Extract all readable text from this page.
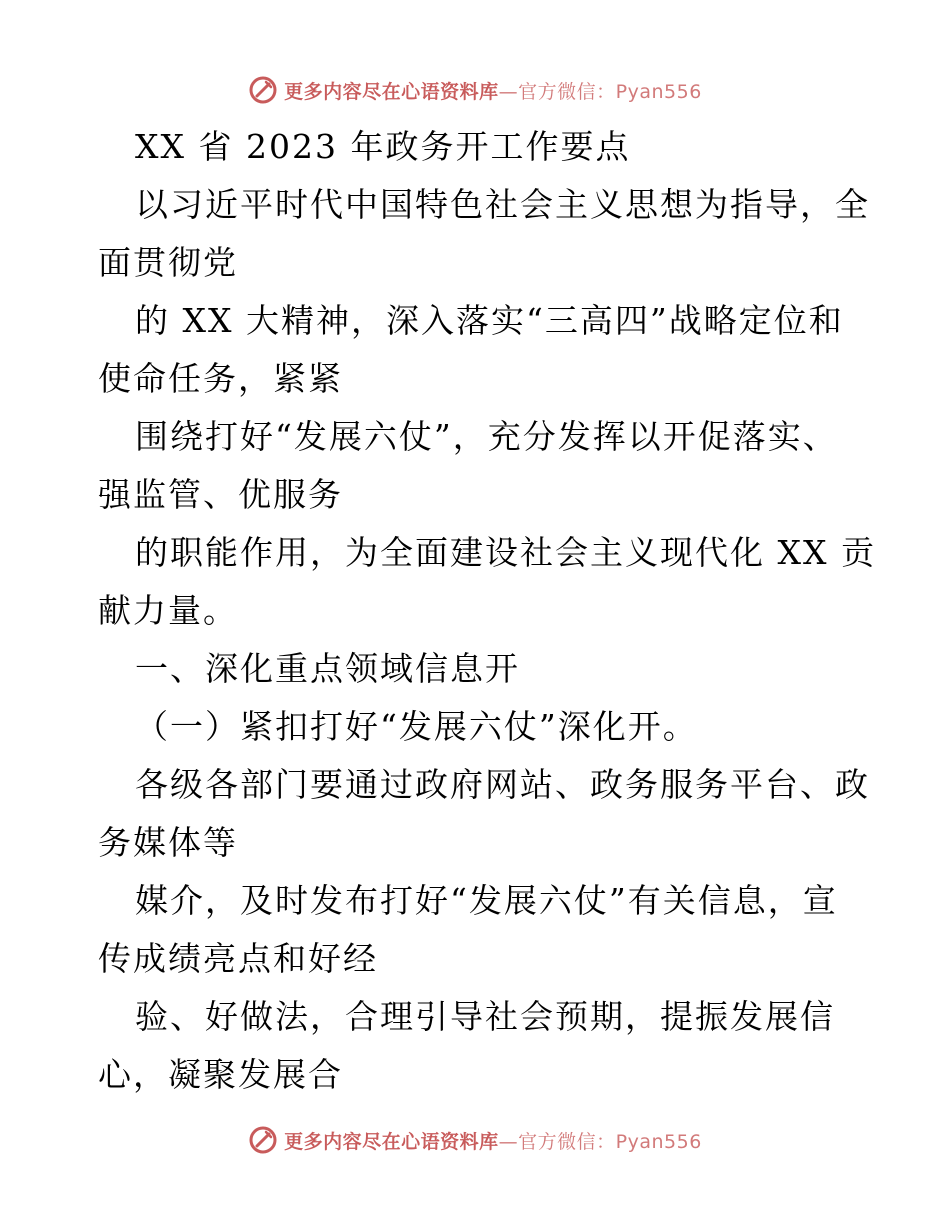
更多内容尽在心语资料库—官方微信：Pyan556
XX 省 2023 年政务开工作要点
以习近平时代中国特色社会主义思想为指导，全
面贯彻党
的 XX 大精神，深入落实“三高四”战略定位和
使命任务，紧紧
围绕打好“发展六仗”，充分发挥以开促落实、
强监管、优服务
的职能作用，为全面建设社会主义现代化 XX 贡
献力量。
一、深化重点领域信息开
（一）紧扣打好“发展六仗”深化开。
各级各部门要通过政府网站、政务服务平台、政
务媒体等
媒介，及时发布打好“发展六仗”有关信息，宣
传成绩亮点和好经
验、好做法，合理引导社会预期，提振发展信
心，凝聚发展合
更多内容尽在心语资料库—官方微信：Pyan556
